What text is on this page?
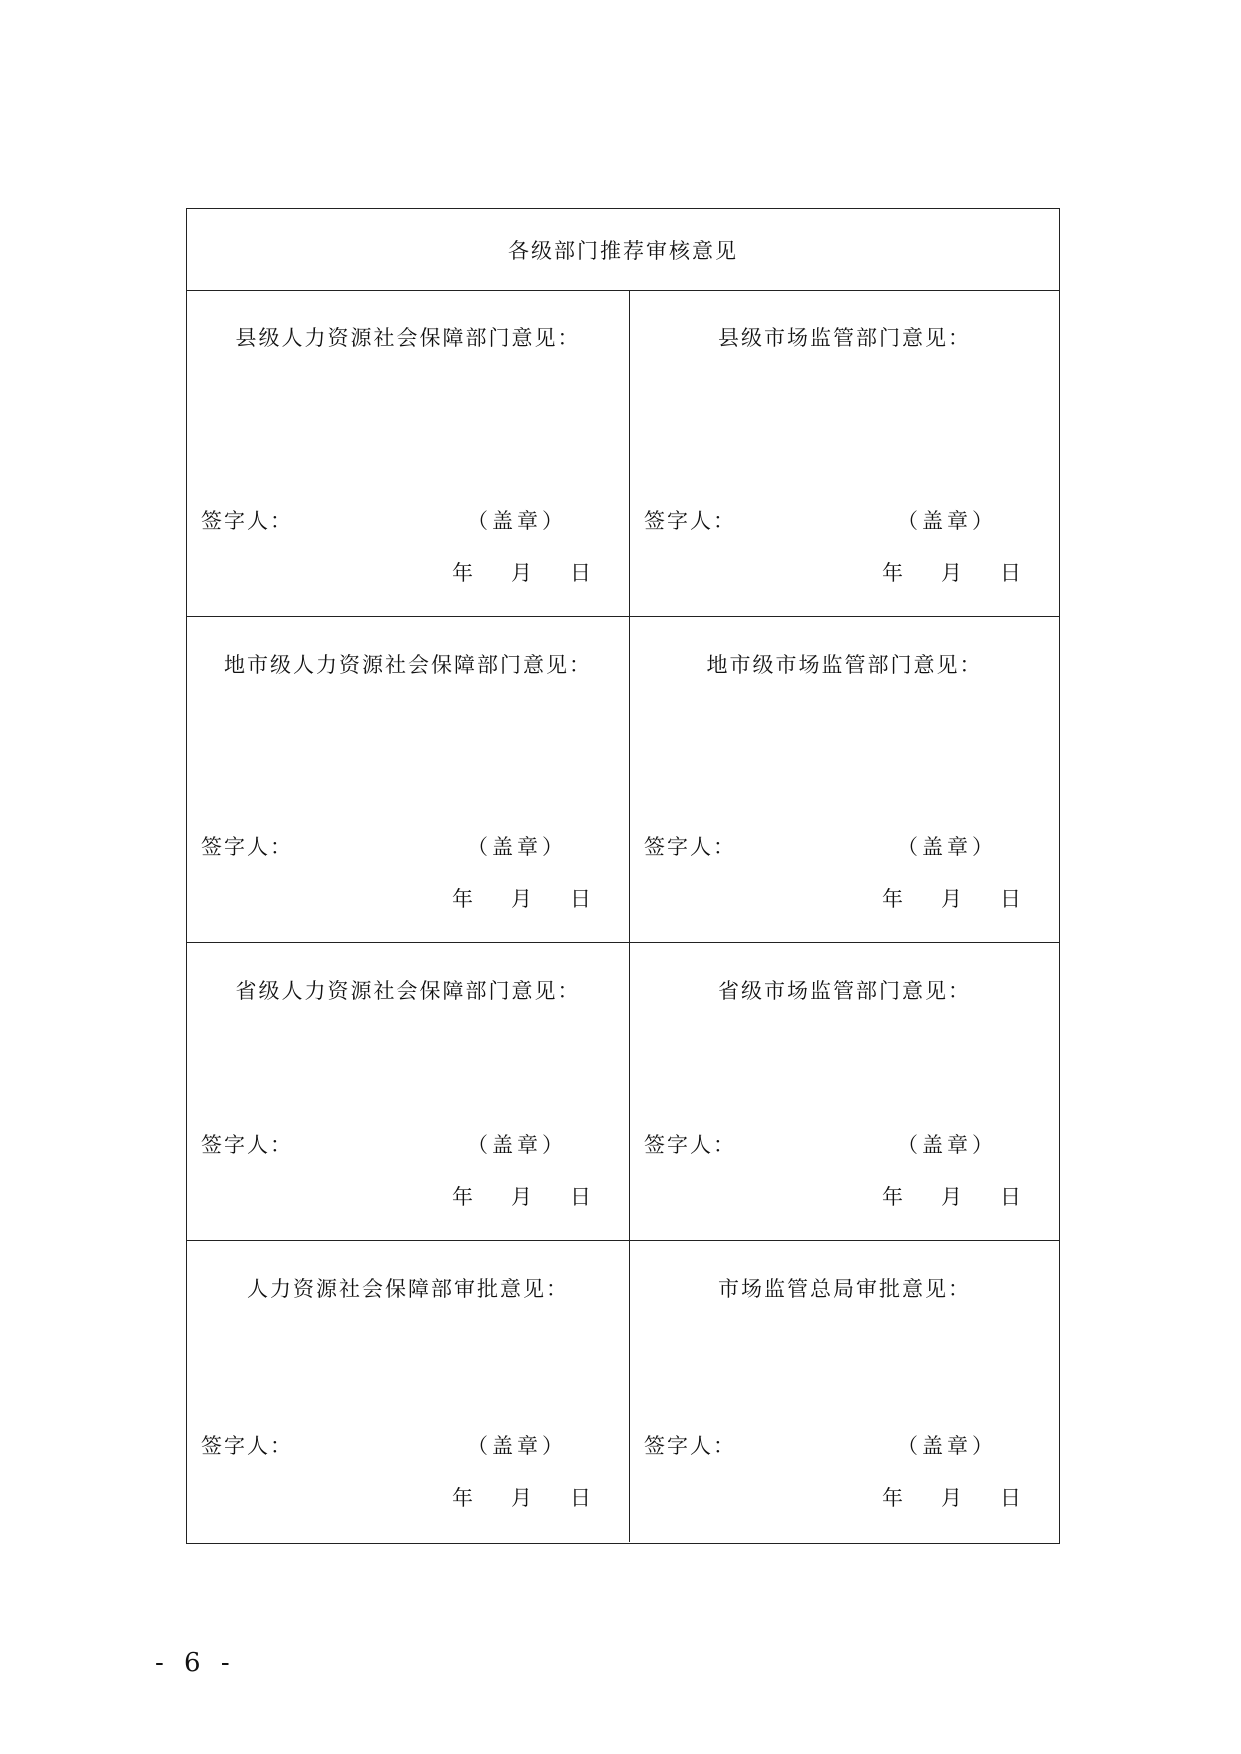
各级部门推荐审核意见
县级人力资源社会保障部门意见：
签字人：	（盖章）
年 月 日
县级市场监管部门意见：
签字人：	（盖章）
年 月 日
地市级人力资源社会保障部门意见：
签字人：	（盖章）
年 月 日
地市级市场监管部门意见：
签字人：	（盖章）
年 月 日
省级人力资源社会保障部门意见：
签字人：	（盖章）
年 月 日
省级市场监管部门意见：
签字人：	（盖章）
年 月 日
人力资源社会保障部审批意见：
签字人：	（盖章）
年 月 日
市场监管总局审批意见：
签字人：	（盖章）
年 月 日
- 6 -
